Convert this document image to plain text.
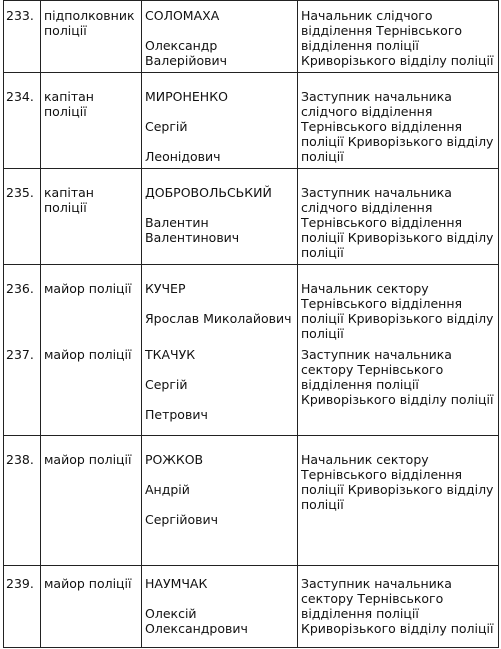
233.	підполковник поліції	СОЛОМАХА
Олександр
Валерійович	Начальник слідчого відділення Тернівського відділення поліції Криворізького відділу поліції
234.	капітан поліції	МИРОНЕНКО
Сергій
Леонідович	Заступник начальника слідчого відділення Тернівського відділення поліції Криворізького відділу поліції
235.	капітан поліції	ДОБРОВОЛЬСЬКИЙ
Валентин
Валентинович	Заступник начальника слідчого відділення Тернівського відділення поліції Криворізького відділу поліції
236.	майор поліції	КУЧЕР
Ярослав Миколайович	Начальник сектору Тернівського відділення поліції Криворізького відділу поліції
237.	майор поліції	ТКАЧУК
Сергій
Петрович	Заступник начальника сектору Тернівського відділення поліції Криворізького відділу поліції
238.	майор поліції	РОЖКОВ
Андрій
Сергійович	Начальник сектору Тернівського відділення поліції Криворізького відділу поліції
239.	майор поліції	НАУМЧАК
Олексій
Олександрович	Заступник начальника сектору Тернівського відділення поліції Криворізького відділу поліції
